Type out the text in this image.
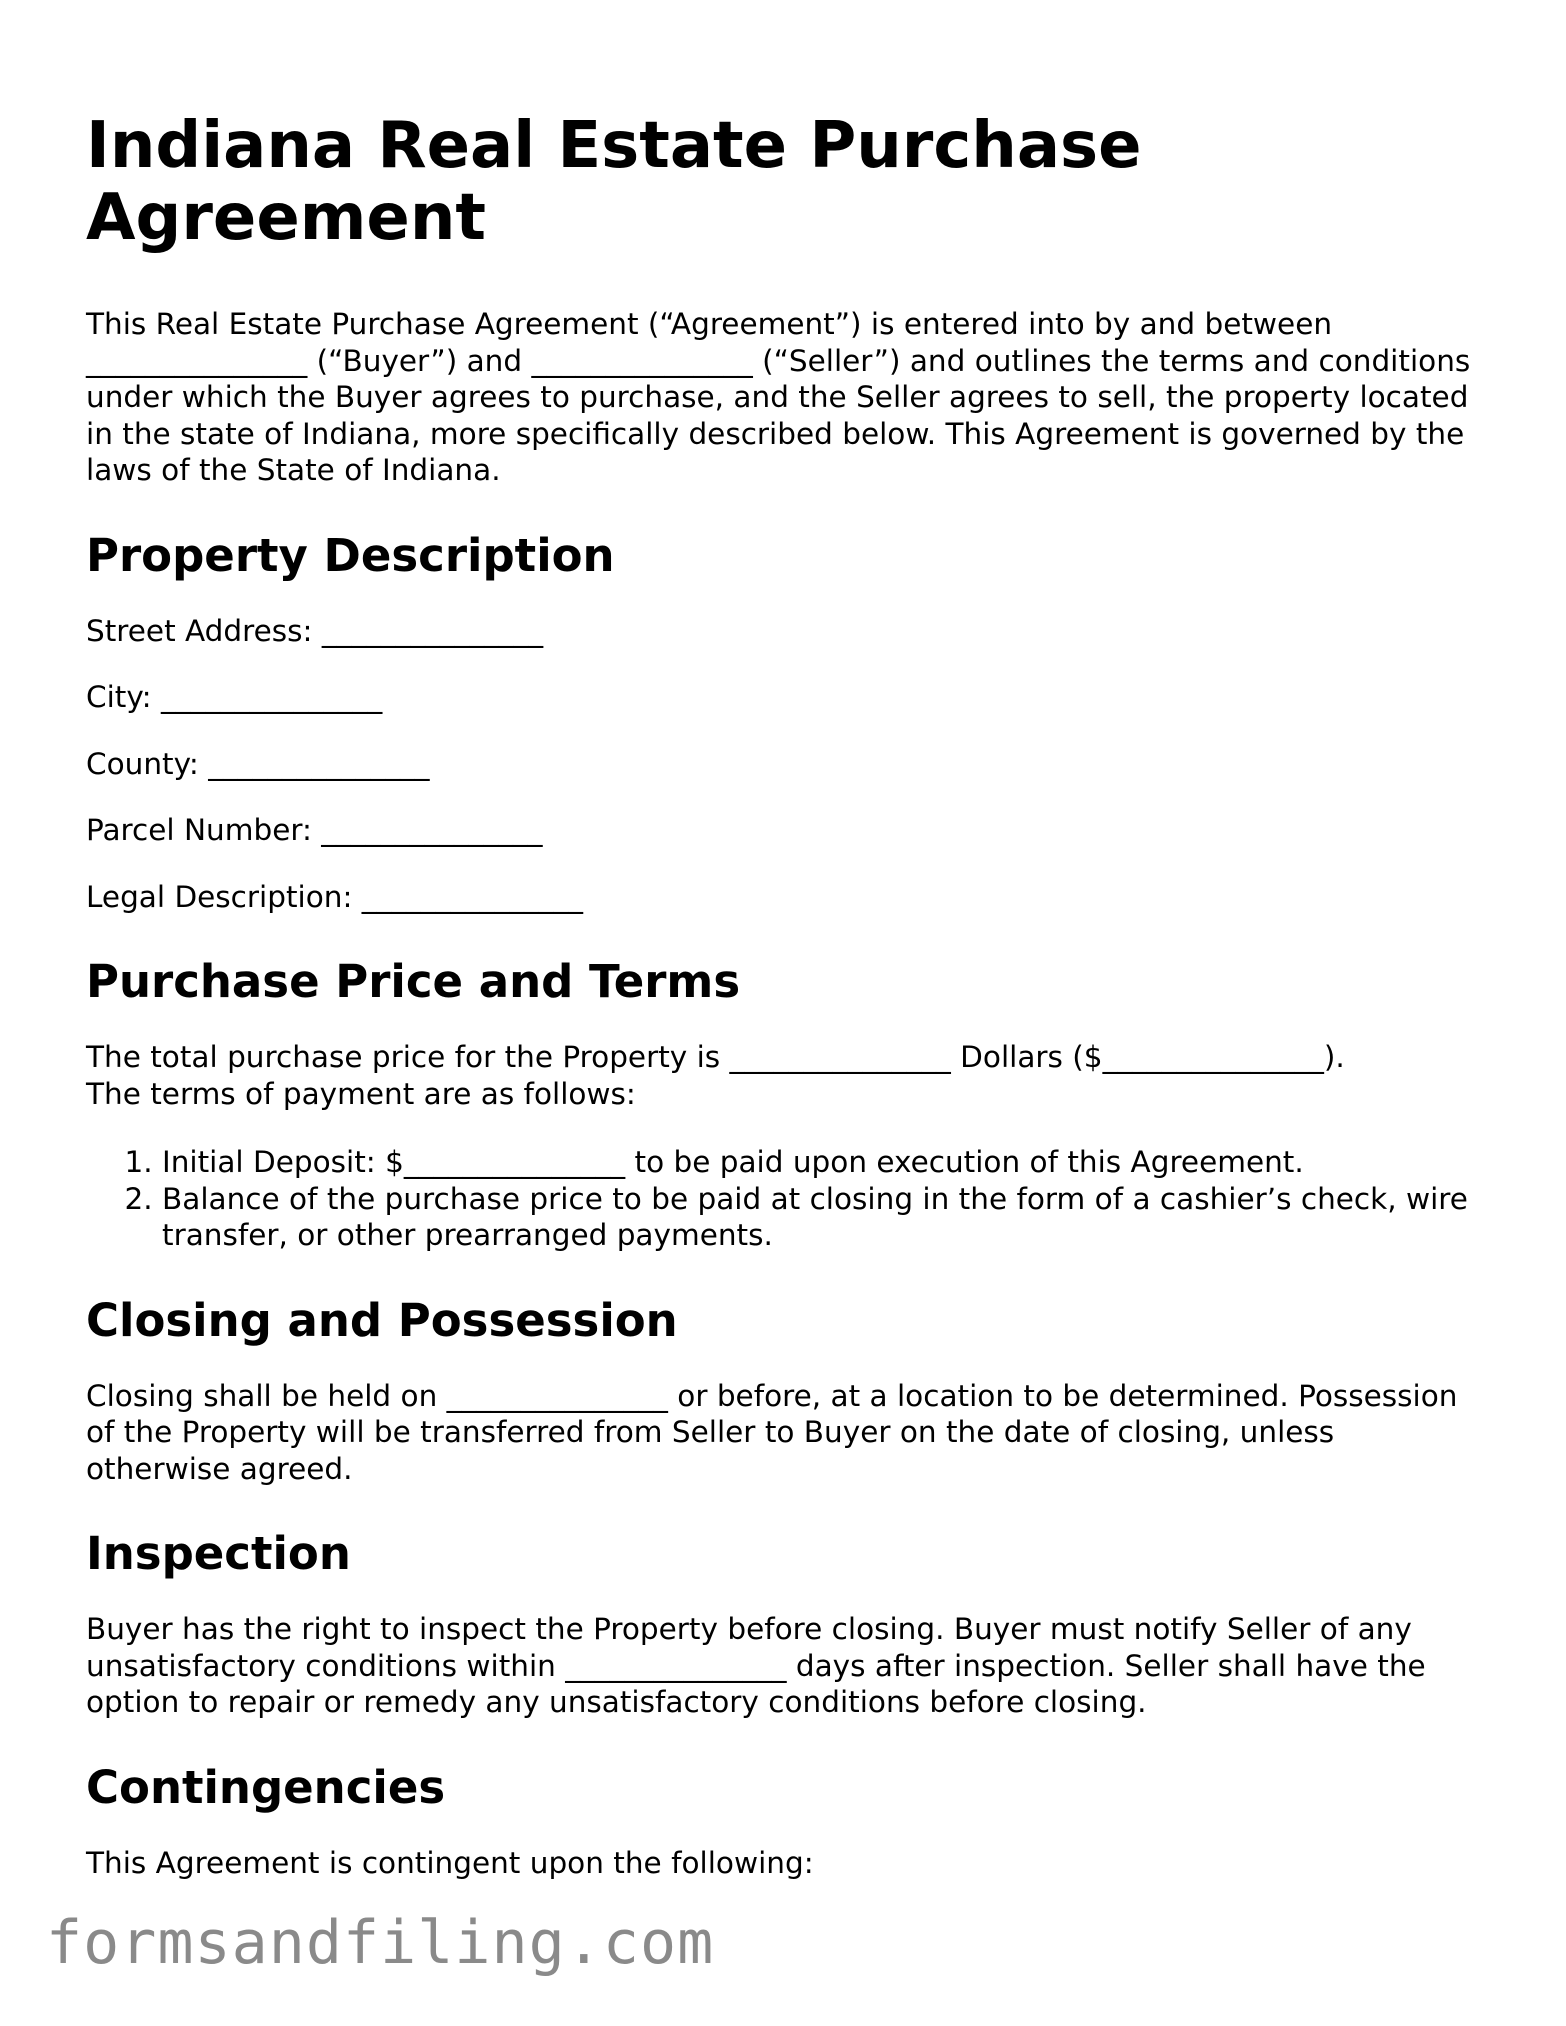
Indiana Real Estate Purchase Agreement

This Real Estate Purchase Agreement (“Agreement”) is entered into by and between
_______________ (“Buyer”) and _______________ (“Seller”) and outlines the terms and conditions under which the Buyer agrees to purchase, and the Seller agrees to sell, the property located in the state of Indiana, more specifically described below. This Agreement is governed by the laws of the State of Indiana.

Property Description
Street Address: _______________
City: _______________
County: _______________
Parcel Number: _______________
Legal Description: _______________
Purchase Price and Terms

The total purchase price for the Property is _______________ Dollars ($_______________).
The terms of payment are as follows:

1. Initial Deposit: $_______________ to be paid upon execution of this Agreement.
2. Balance of the purchase price to be paid at closing in the form of a cashier’s check, wire transfer, or other prearranged payments.
Closing and Possession

Closing shall be held on _______________ or before, at a location to be determined. Possession of the Property will be transferred from Seller to Buyer on the date of closing, unless otherwise agreed.

Inspection

Buyer has the right to inspect the Property before closing. Buyer must notify Seller of any unsatisfactory conditions within _______________ days after inspection. Seller shall have the option to repair or remedy any unsatisfactory conditions before closing.

Contingencies

This Agreement is contingent upon the following:

formsandfiling.com
